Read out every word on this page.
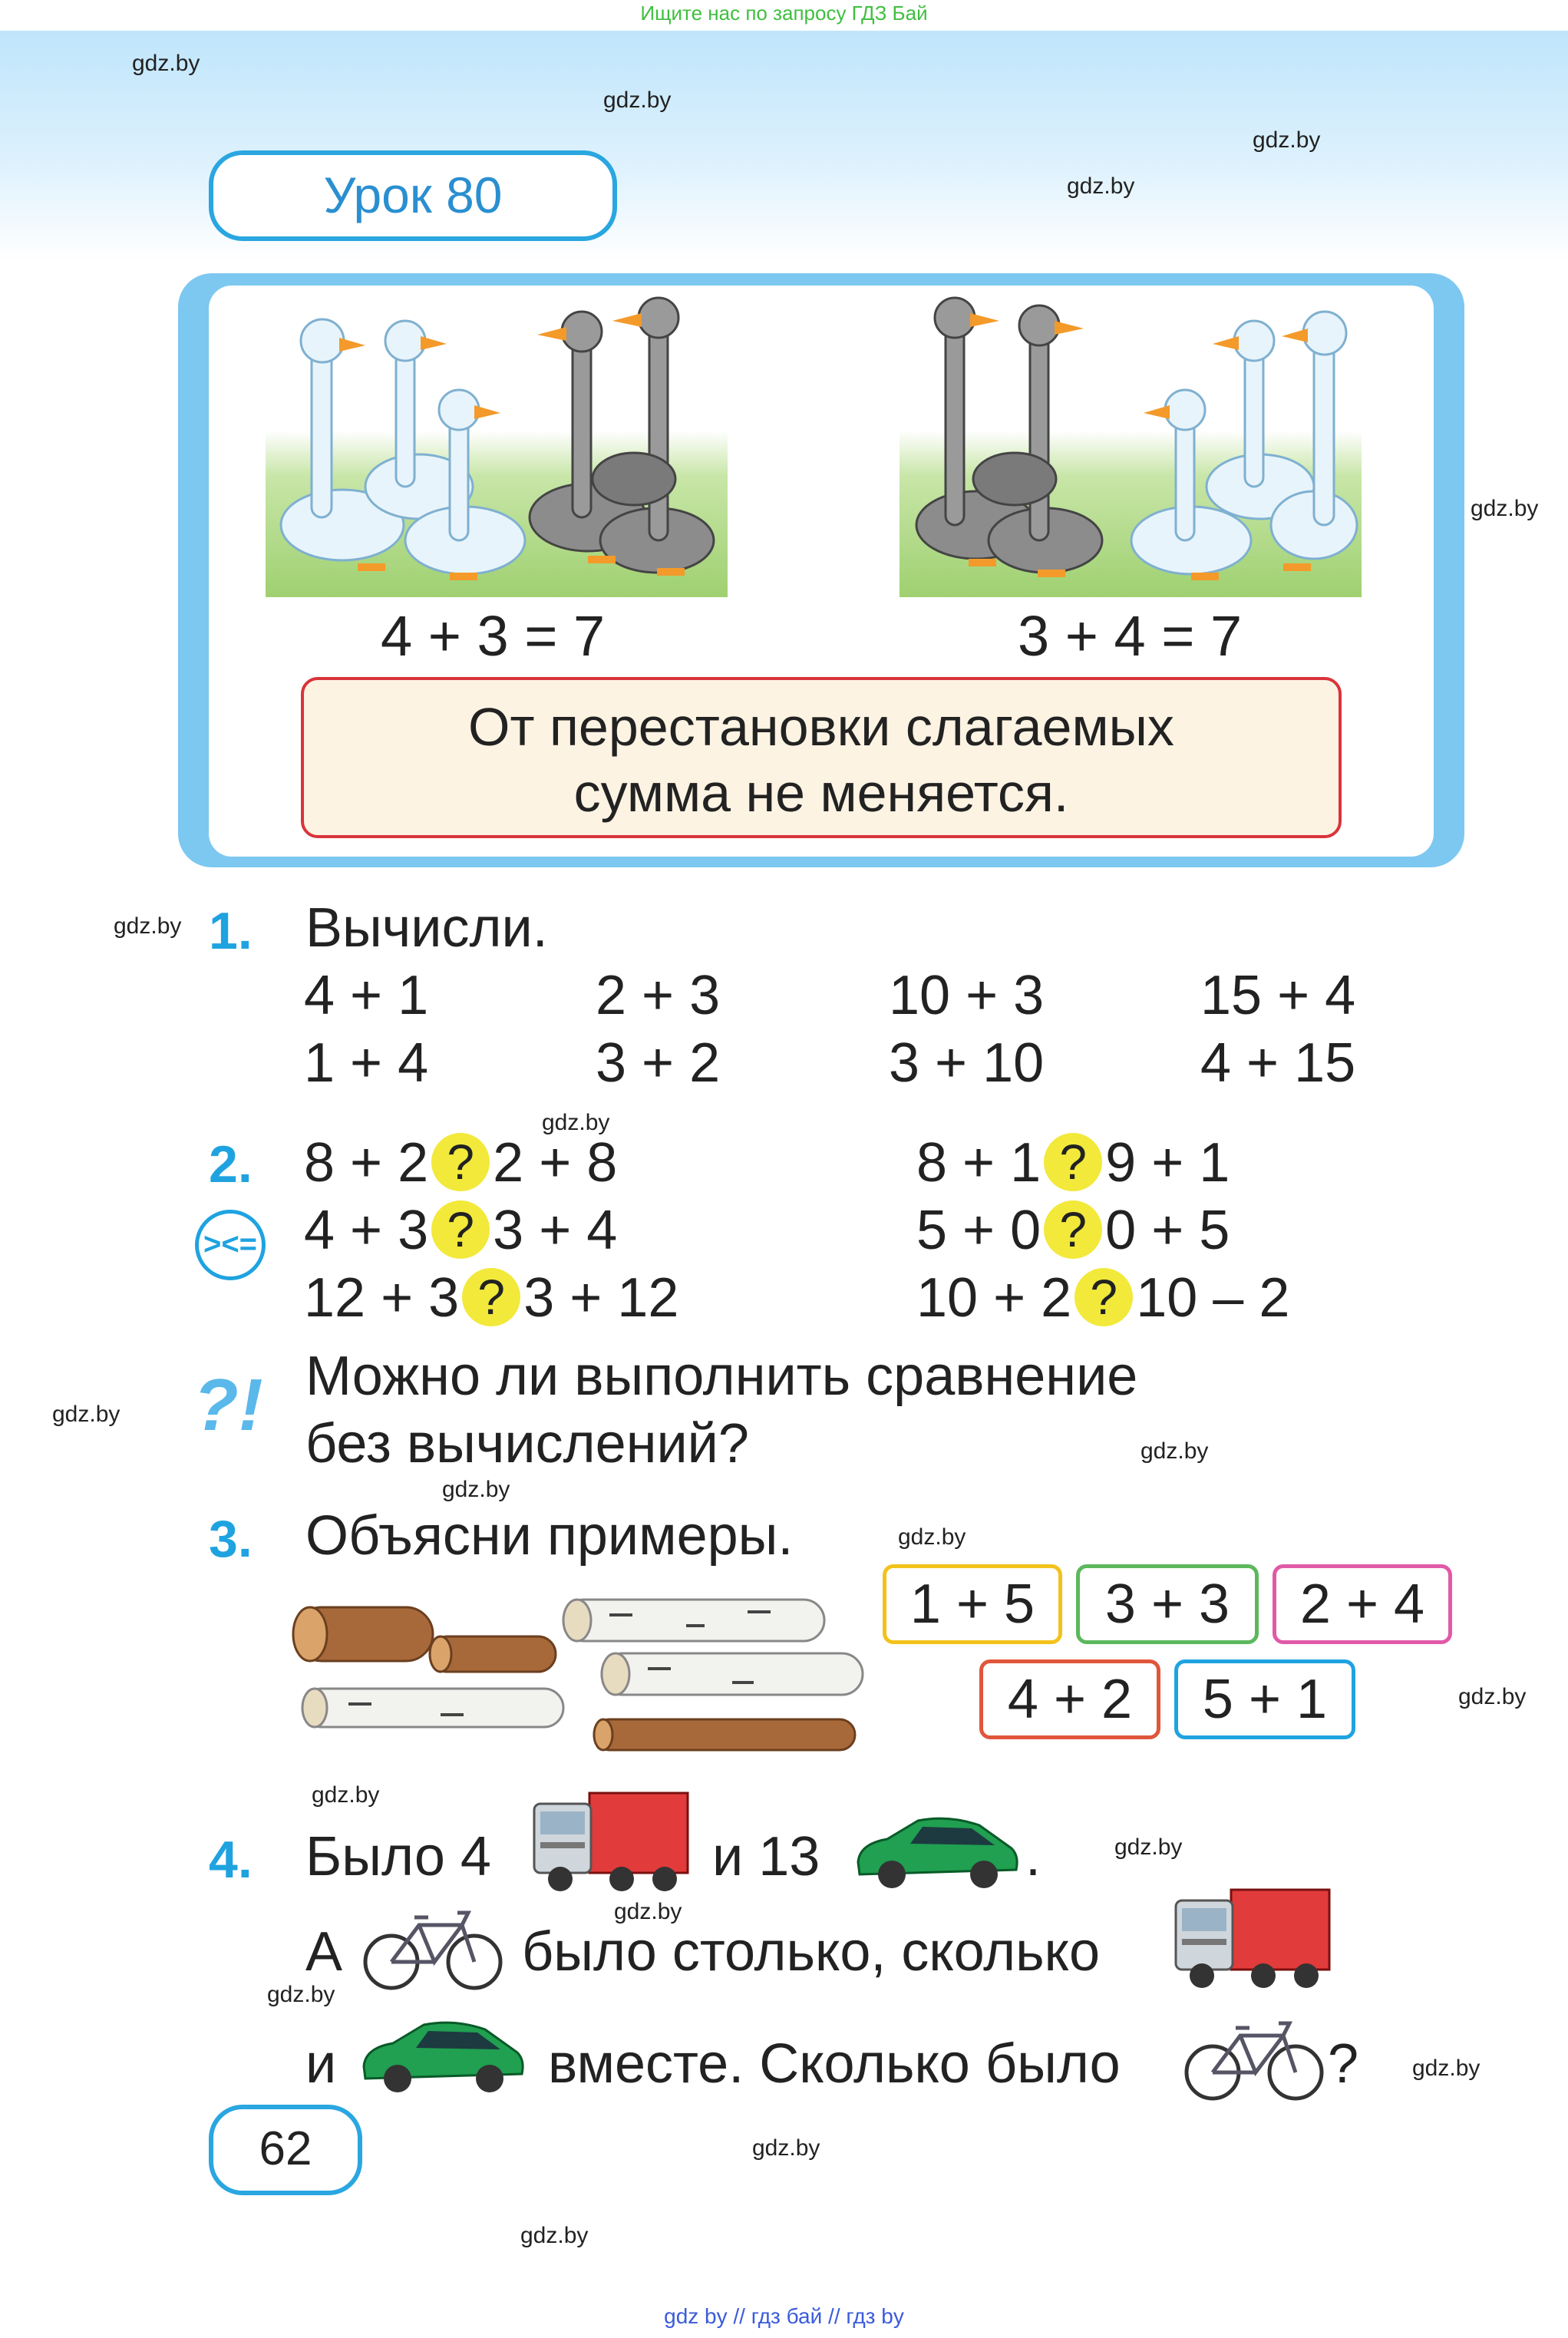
Ищите нас по запросу ГДЗ Бай
gdz.by
gdz.by
gdz.by
gdz.by
gdz.by
gdz.by
gdz.by
gdz.by
gdz.by
gdz.by
gdz.by
gdz.by
gdz.by
gdz.by
gdz.by
gdz.by
gdz.by
gdz.by
gdz.by
Урок 80
4 + 3 = 7	3 + 4 = 7
От перестановки слагаемых
сумма не меняется.
1. Вычисли.
4 + 1	2 + 3	10 + 3	15 + 4
1 + 4	3 + 2	3 + 10	4 + 15
2.
><=
8 + 2 ? 2 + 8	8 + 1 ? 9 + 1
4 + 3 ? 3 + 4	5 + 0 ? 0 + 5
12 + 3 ? 3 + 12	10 + 2 ? 10 – 2
?! Можно ли выполнить сравнение
без вычислений?
3. Объясни примеры.
1 + 5	3 + 3	2 + 4
4 + 2	5 + 1
4. Было 4	и 13	.
А	было столько, сколько
и	вместе. Сколько было	?
62
gdz by // гдз бай // гдз by
